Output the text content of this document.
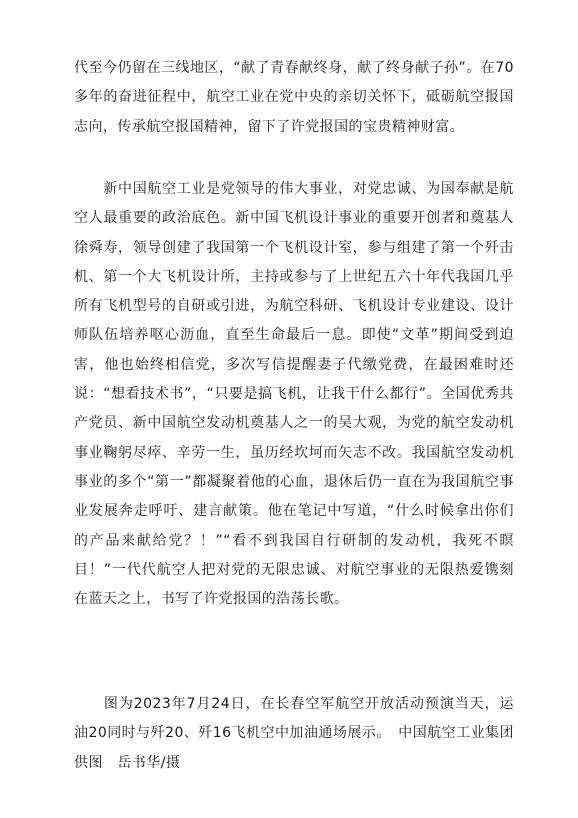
代至今仍留在三线地区，“献了青春献终身，献了终身献子孙”。在70多年的奋进征程中，航空工业在党中央的亲切关怀下，砥砺航空报国志向，传承航空报国精神，留下了许党报国的宝贵精神财富。

　　新中国航空工业是党领导的伟大事业，对党忠诚、为国奉献是航空人最重要的政治底色。新中国飞机设计事业的重要开创者和奠基人徐舜寿，领导创建了我国第一个飞机设计室，参与组建了第一个歼击机、第一个大飞机设计所，主持或参与了上世纪五六十年代我国几乎所有飞机型号的自研或引进，为航空科研、飞机设计专业建设、设计师队伍培养呕心沥血，直至生命最后一息。即使“文革”期间受到迫害，他也始终相信党，多次写信提醒妻子代缴党费，在最困难时还说：“想看技术书”，“只要是搞飞机，让我干什么都行”。全国优秀共产党员、新中国航空发动机奠基人之一的吴大观，为党的航空发动机事业鞠躬尽瘁、辛劳一生，虽历经坎坷而矢志不改。我国航空发动机事业的多个“第一”都凝聚着他的心血，退休后仍一直在为我国航空事业发展奔走呼吁、建言献策。他在笔记中写道，“什么时候拿出你们的产品来献给党？！”“看不到我国自行研制的发动机，我死不瞑目！”一代代航空人把对党的无限忠诚、对航空事业的无限热爱镌刻在蓝天之上，书写了许党报国的浩荡长歌。

　　图为2023年7月24日，在长春空军航空开放活动预演当天，运油20同时与歼20、歼16飞机空中加油通场展示。　中国航空工业集团供图　岳书华/摄
